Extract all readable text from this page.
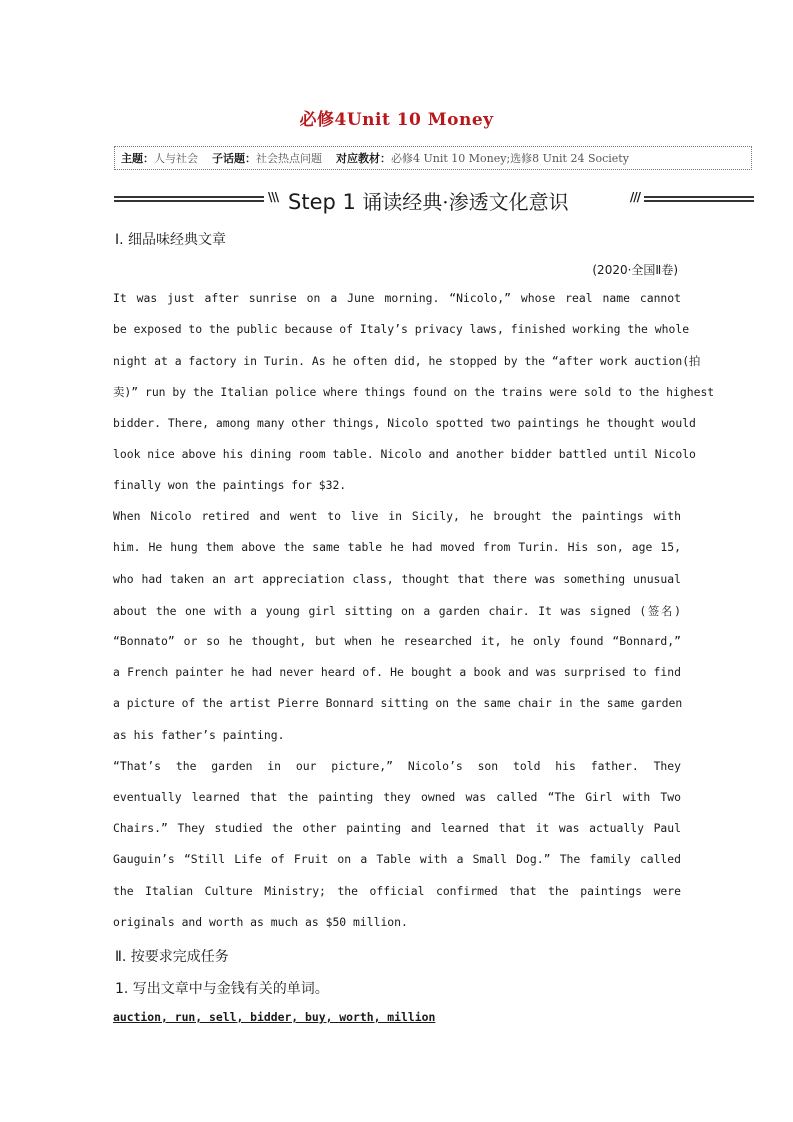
必修4Unit 10 Money
主题：人与社会 子话题：社会热点问题 对应教材：必修4 Unit 10 Money;选修8 Unit 24 Society
\\\ Step 1 诵读经典·渗透文化意识	///
Ⅰ. 细品味经典文章
(2020·全国Ⅱ卷)
It was just after sunrise on a June morning. “Nicolo,” whose real name cannot
be exposed to the public because of Italy’s privacy laws, finished working the whole
night at a factory in Turin. As he often did, he stopped by the “after work auction(拍
卖)” run by the Italian police where things found on the trains were sold to the highest
bidder. There, among many other things, Nicolo spotted two paintings he thought would
look nice above his dining room table. Nicolo and another bidder battled until Nicolo
finally won the paintings for $32.
When Nicolo retired and went to live in Sicily, he brought the paintings with
him. He hung them above the same table he had moved from Turin. His son, age 15,
who had taken an art appreciation class, thought that there was something unusual
about the one with a young girl sitting on a garden chair. It was signed (签名)
“Bonnato” or so he thought, but when he researched it, he only found “Bonnard,”
a French painter he had never heard of. He bought a book and was surprised to find
a picture of the artist Pierre Bonnard sitting on the same chair in the same garden
as his father’s painting.
“That’s the garden in our picture,” Nicolo’s son told his father. They
eventually learned that the painting they owned was called “The Girl with Two
Chairs.” They studied the other painting and learned that it was actually Paul
Gauguin’s “Still Life of Fruit on a Table with a Small Dog.” The family called
the Italian Culture Ministry; the official confirmed that the paintings were
originals and worth as much as $50 million.
Ⅱ. 按要求完成任务
1. 写出文章中与金钱有关的单词。
auction, run, sell, bidder, buy, worth, million
